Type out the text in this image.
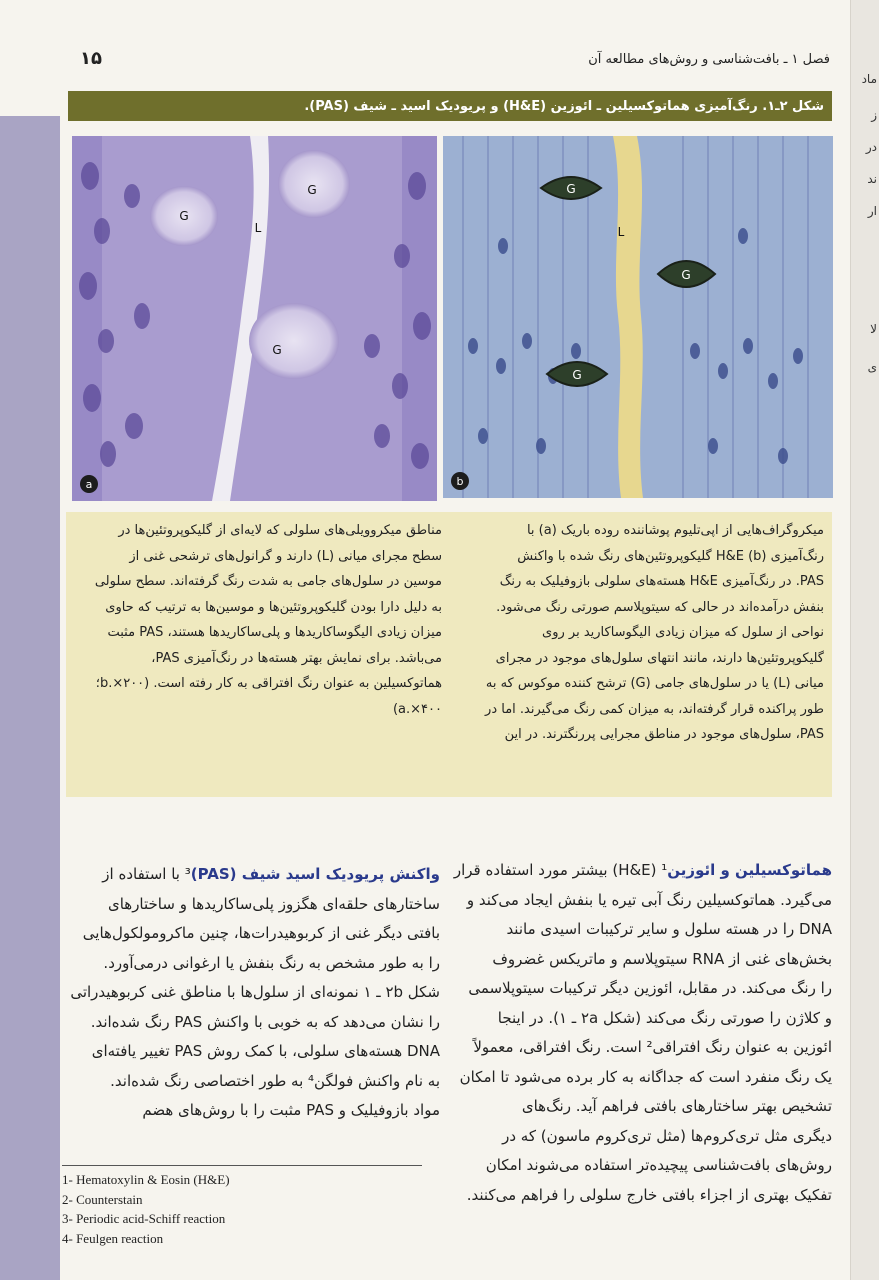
فصل ۱ ـ بافت‌شناسی و روش‌های مطالعه آن
۱۵
شکل ۲ـ۱. رنگ‌آمیزی هماتوکسیلین ـ ائوزین (H&E) و پریودیک اسید ـ شیف (PAS).
G
G
G
L
a
G
G
G
L
b
میکروگراف‌هایی از اپی‌تلیوم پوشاننده روده باریک (a) با
رنگ‌آمیزی H&E (b) گلیکوپروتئین‌های رنگ شده با واکنش
PAS. در رنگ‌آمیزی H&E هسته‌های سلولی بازوفیلیک به رنگ
بنفش درآمده‌اند در حالی که سیتوپلاسم صورتی رنگ می‌شود.
نواحی از سلول که میزان زیادی الیگوساکارید بر روی
گلیکوپروتئین‌ها دارند، مانند انتهای سلول‌های موجود در مجرای
میانی (L) یا در سلول‌های جامی (G) ترشح کننده موکوس که به
طور پراکنده قرار گرفته‌اند، به میزان کمی رنگ می‌گیرند. اما در
PAS، سلول‌های موجود در مناطق مجرایی پررنگترند. در این
مناطق میکروویلی‌های سلولی که لایه‌ای از گلیکوپروتئین‌ها در
سطح مجرای میانی (L) دارند و گرانول‌های ترشحی غنی از
موسین در سلول‌های جامی به شدت رنگ گرفته‌اند. سطح سلولی
به دلیل دارا بودن گلیکوپروتئین‌ها و موسین‌ها به ترتیب که حاوی
میزان زیادی الیگوساکاریدها و پلی‌ساکاریدها هستند، PAS مثبت
می‌باشد. برای نمایش بهتر هسته‌ها در رنگ‌آمیزی PAS،
هماتوکسیلین به عنوان رنگ افتراقی به کار رفته است. (b.×۲۰۰؛
a.×۴۰۰)
هماتوکسیلین و ائوزین¹ (H&E) بیشتر مورد استفاده قرار
می‌گیرد. هماتوکسیلین رنگ آبی تیره یا بنفش ایجاد می‌کند و
DNA را در هسته سلول و سایر ترکیبات اسیدی مانند
بخش‌های غنی از RNA سیتوپلاسم و ماتریکس غضروف
را رنگ می‌کند. در مقابل، ائوزین دیگر ترکیبات سیتوپلاسمی
و کلاژن را صورتی رنگ می‌کند (شکل ۲a ـ ۱). در اینجا
ائوزین به عنوان رنگ افتراقی² است. رنگ افتراقی، معمولاً
یک رنگ منفرد است که جداگانه به کار برده می‌شود تا امکان
تشخیص بهتر ساختارهای بافتی فراهم آید. رنگ‌های
دیگری مثل تری‌کروم‌ها (مثل تری‌کروم ماسون) که در
روش‌های بافت‌شناسی پیچیده‌تر استفاده می‌شوند امکان
تفکیک بهتری از اجزاء بافتی خارج سلولی را فراهم می‌کنند.
واکنش پریودیک اسید شیف (PAS)³ با استفاده از
ساختارهای حلقه‌ای هگزوز پلی‌ساکاریدها و ساختارهای
بافتی دیگر غنی از کربوهیدرات‌ها، چنین ماکرومولکول‌هایی
را به طور مشخص به رنگ بنفش یا ارغوانی درمی‌آورد.
شکل ۲b ـ ۱ نمونه‌ای از سلول‌ها با مناطق غنی کربوهیدراتی
را نشان می‌دهد که به خوبی با واکنش PAS رنگ شده‌اند.
DNA هسته‌های سلولی، با کمک روش PAS تغییر یافته‌ای
به نام واکنش فولگن⁴ به طور اختصاصی رنگ شده‌اند.
مواد بازوفیلیک و PAS مثبت را با روش‌های هضم
1- Hematoxylin & Eosin (H&E)
2- Counterstain
3- Periodic acid-Schiff reaction
4- Feulgen reaction
ماد
ز
در
ند
ار
لا
ی
